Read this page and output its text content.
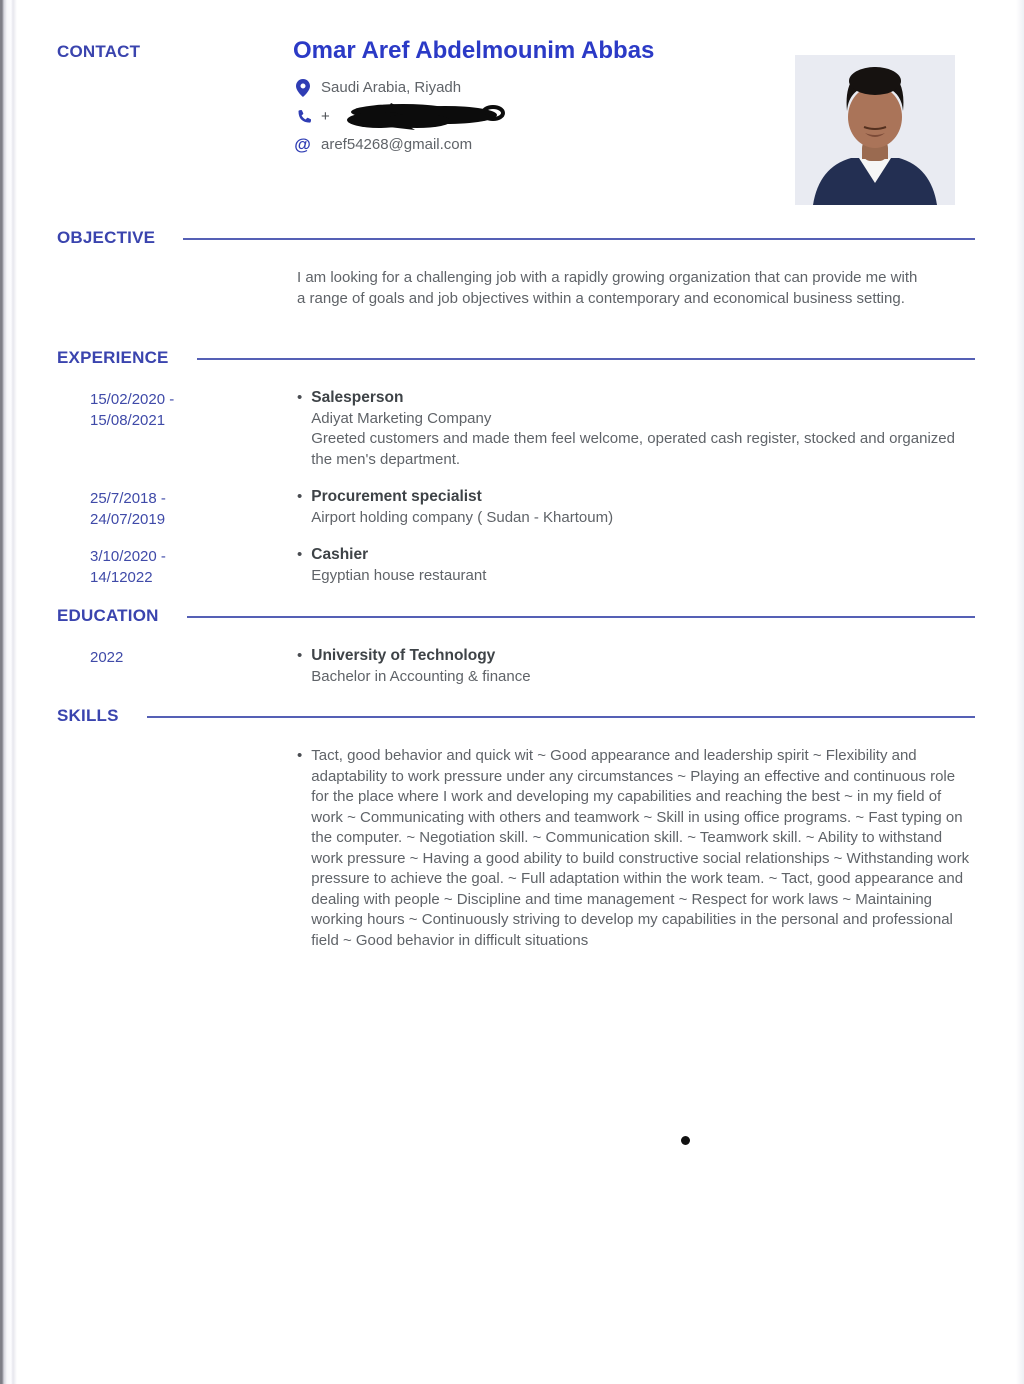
CONTACT	Omar Aref Abdelmounim Abbas
Saudi Arabia, Riyadh
+
@ aref54268@gmail.com
OBJECTIVE
I am looking for a challenging job with a rapidly growing organization that can provide me with a range of goals and job objectives within a contemporary and economical business setting.
EXPERIENCE
15/02/2020 -
15/08/2021
• Salesperson
Adiyat Marketing Company
Greeted customers and made them feel welcome, operated cash register, stocked and organized the men's department.
25/7/2018 -
24/07/2019
• Procurement specialist
Airport holding company ( Sudan - Khartoum)
3/10/2020 -
14/12022
• Cashier
Egyptian house restaurant
EDUCATION
2022	• University of Technology
Bachelor in Accounting & finance
SKILLS
• Tact, good behavior and quick wit ~ Good appearance and leadership spirit ~ Flexibility and adaptability to work pressure under any circumstances ~ Playing an effective and continuous role for the place where I work and developing my capabilities and reaching the best ~ in my field of work ~ Communicating with others and teamwork ~ Skill in using office programs. ~ Fast typing on the computer. ~ Negotiation skill. ~ Communication skill. ~ Teamwork skill. ~ Ability to withstand work pressure ~ Having a good ability to build constructive social relationships ~ Withstanding work pressure to achieve the goal. ~ Full adaptation within the work team. ~ Tact, good appearance and dealing with people ~ Discipline and time management ~ Respect for work laws ~ Maintaining working hours ~ Continuously striving to develop my capabilities in the personal and professional field ~ Good behavior in difficult situations
